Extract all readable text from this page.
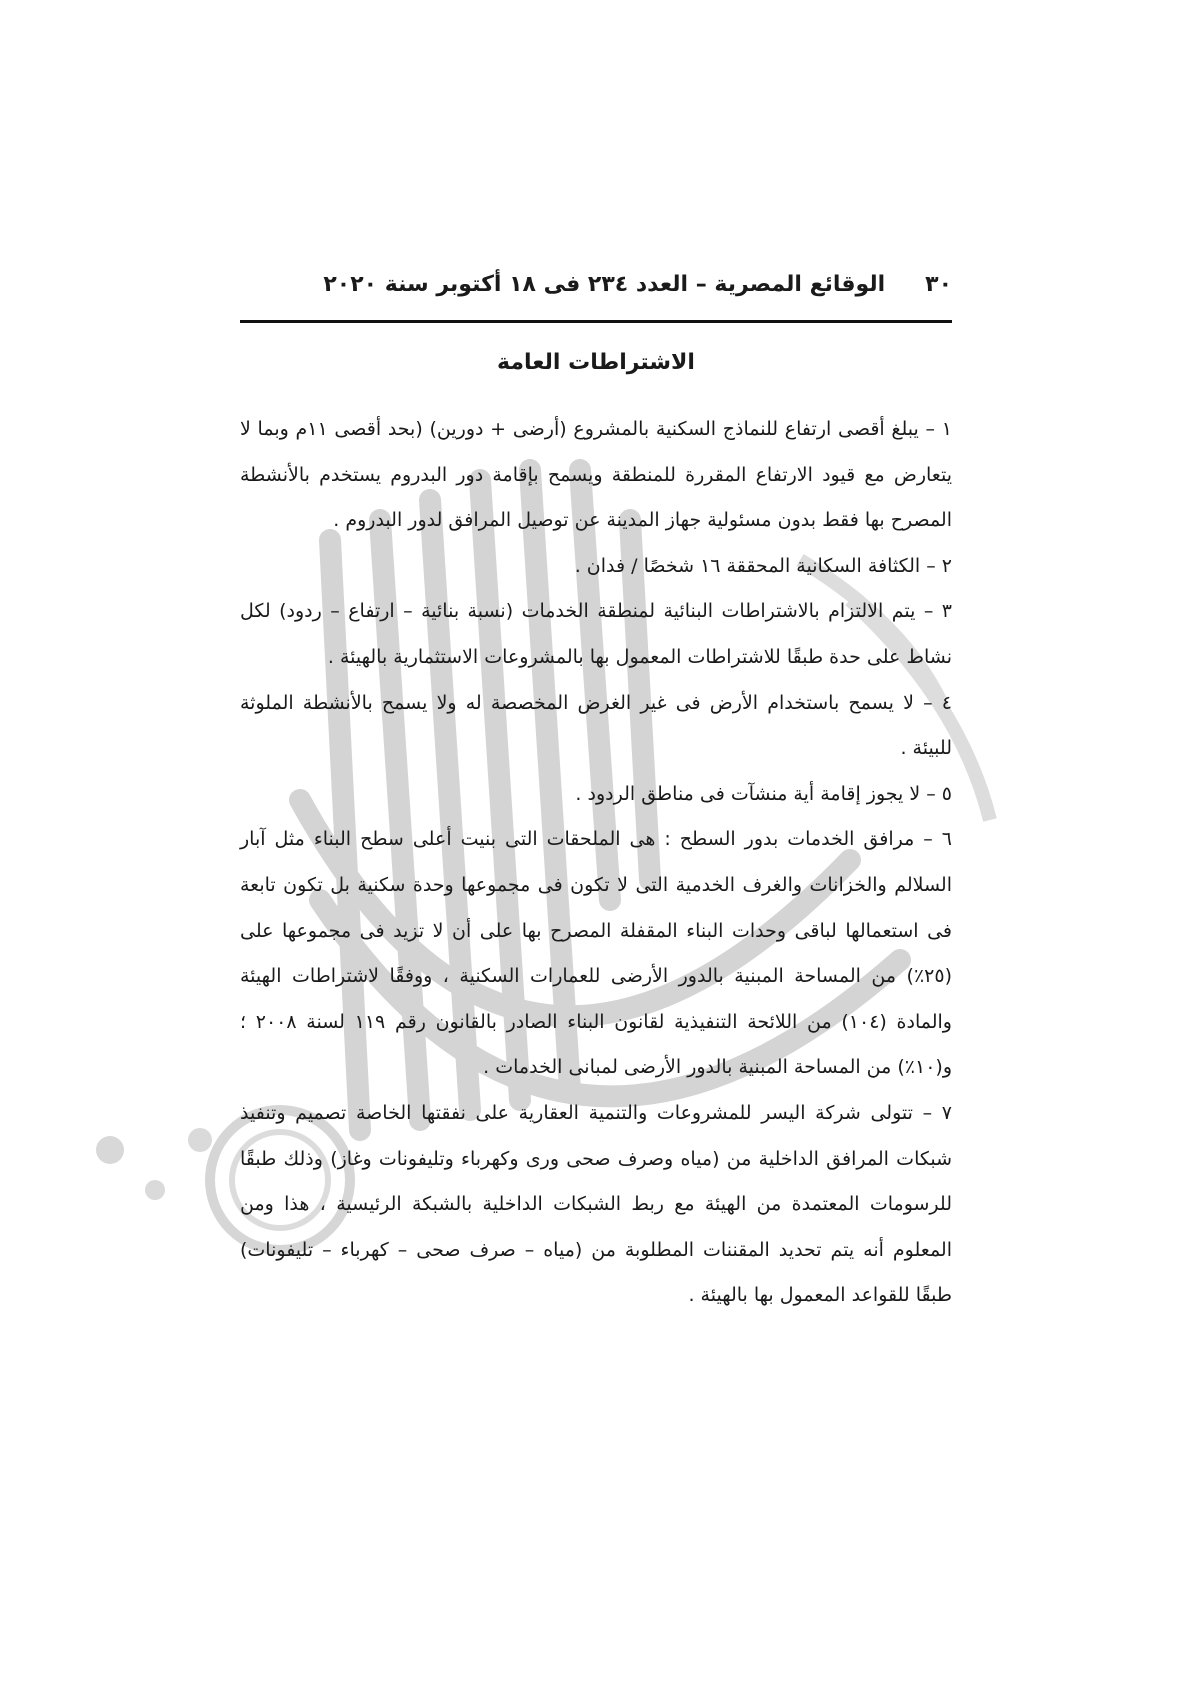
٣٠
الوقائع المصرية – العدد ٢٣٤ فى ١٨ أكتوبر سنة ٢٠٢٠
الاشتراطات العامة

١ – يبلغ أقصى ارتفاع للنماذج السكنية بالمشروع (أرضى + دورين) (بحد أقصى ١١م وبما لا يتعارض مع قيود الارتفاع المقررة للمنطقة ويسمح بإقامة دور البدروم يستخدم بالأنشطة المصرح بها فقط بدون مسئولية جهاز المدينة عن توصيل المرافق لدور البدروم .

٢ – الكثافة السكانية المحققة ١٦ شخصًا / فدان .

٣ – يتم الالتزام بالاشتراطات البنائية لمنطقة الخدمات (نسبة بنائية – ارتفاع – ردود) لكل نشاط على حدة طبقًا للاشتراطات المعمول بها بالمشروعات الاستثمارية بالهيئة .

٤ – لا يسمح باستخدام الأرض فى غير الغرض المخصصة له ولا يسمح بالأنشطة الملوثة للبيئة .

٥ – لا يجوز إقامة أية منشآت فى مناطق الردود .

٦ – مرافق الخدمات بدور السطح : هى الملحقات التى بنيت أعلى سطح البناء مثل آبار السلالم والخزانات والغرف الخدمية التى لا تكون فى مجموعها وحدة سكنية بل تكون تابعة فى استعمالها لباقى وحدات البناء المقفلة المصرح بها على أن لا تزيد فى مجموعها على (٢٥٪) من المساحة المبنية بالدور الأرضى للعمارات السكنية ، ووفقًا لاشتراطات الهيئة والمادة (١٠٤) من اللائحة التنفيذية لقانون البناء الصادر بالقانون رقم ١١٩ لسنة ٢٠٠٨ ؛ و(١٠٪) من المساحة المبنية بالدور الأرضى لمبانى الخدمات .

٧ – تتولى شركة اليسر للمشروعات والتنمية العقارية على نفقتها الخاصة تصميم وتنفيذ شبكات المرافق الداخلية من (مياه وصرف صحى ورى وكهرباء وتليفونات وغاز) وذلك طبقًا للرسومات المعتمدة من الهيئة مع ربط الشبكات الداخلية بالشبكة الرئيسية ، هذا ومن المعلوم أنه يتم تحديد المقننات المطلوبة من (مياه – صرف صحى – كهرباء – تليفونات) طبقًا للقواعد المعمول بها بالهيئة .
